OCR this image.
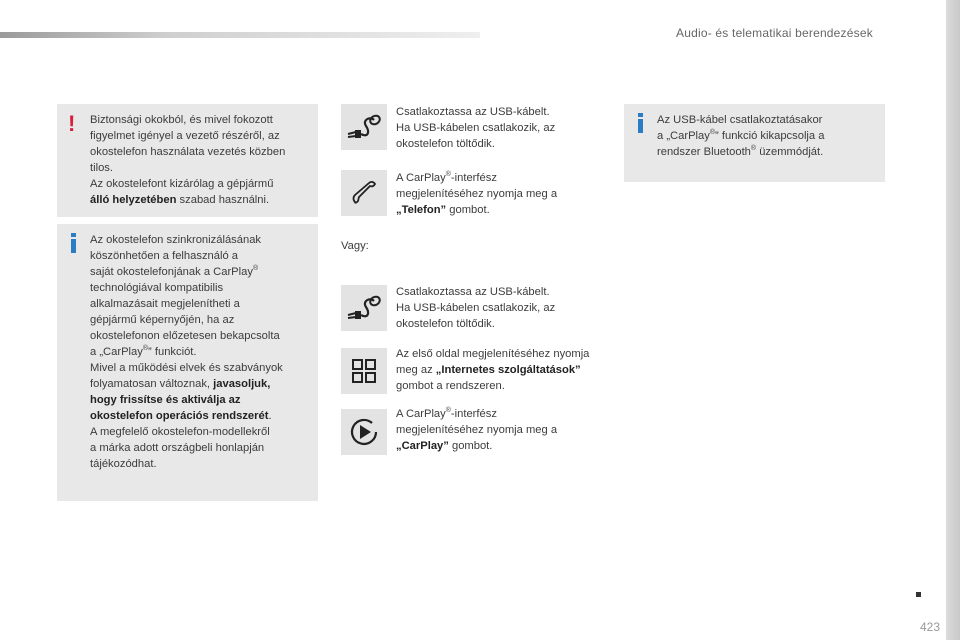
Audio- és telematikai berendezések
! Biztonsági okokból, és mivel fokozott
figyelmet igényel a vezető részéről, az
okostelefon használata vezetés közben
tilos.
Az okostelefont kizárólag a gépjármű
álló helyzetében szabad használni.
Az okostelefon szinkronizálásának
köszönhetően a felhasználó a
saját okostelefonjának a CarPlay®
technológiával kompatibilis
alkalmazásait megjelenítheti a
gépjármű képernyőjén, ha az
okostelefonon előzetesen bekapcsolta
a „CarPlay®” funkciót.
Mivel a működési elvek és szabványok
folyamatosan változnak, javasoljuk,
hogy frissítse és aktiválja az
okostelefon operációs rendszerét.
A megfelelő okostelefon-modellekről
a márka adott országbeli honlapján
tájékozódhat.
Csatlakoztassa az USB-kábelt.
Ha USB-kábelen csatlakozik, az
okostelefon töltődik.
A CarPlay®-interfész
megjelenítéséhez nyomja meg a
„Telefon” gombot.
Vagy:
Csatlakoztassa az USB-kábelt.
Ha USB-kábelen csatlakozik, az
okostelefon töltődik.
Az első oldal megjelenítéséhez nyomja
meg az „Internetes szolgáltatások”
gombot a rendszeren.
A CarPlay®-interfész
megjelenítéséhez nyomja meg a
„CarPlay” gombot.
Az USB-kábel csatlakoztatásakor
a „CarPlay®” funkció kikapcsolja a
rendszer Bluetooth® üzemmódját.
423
